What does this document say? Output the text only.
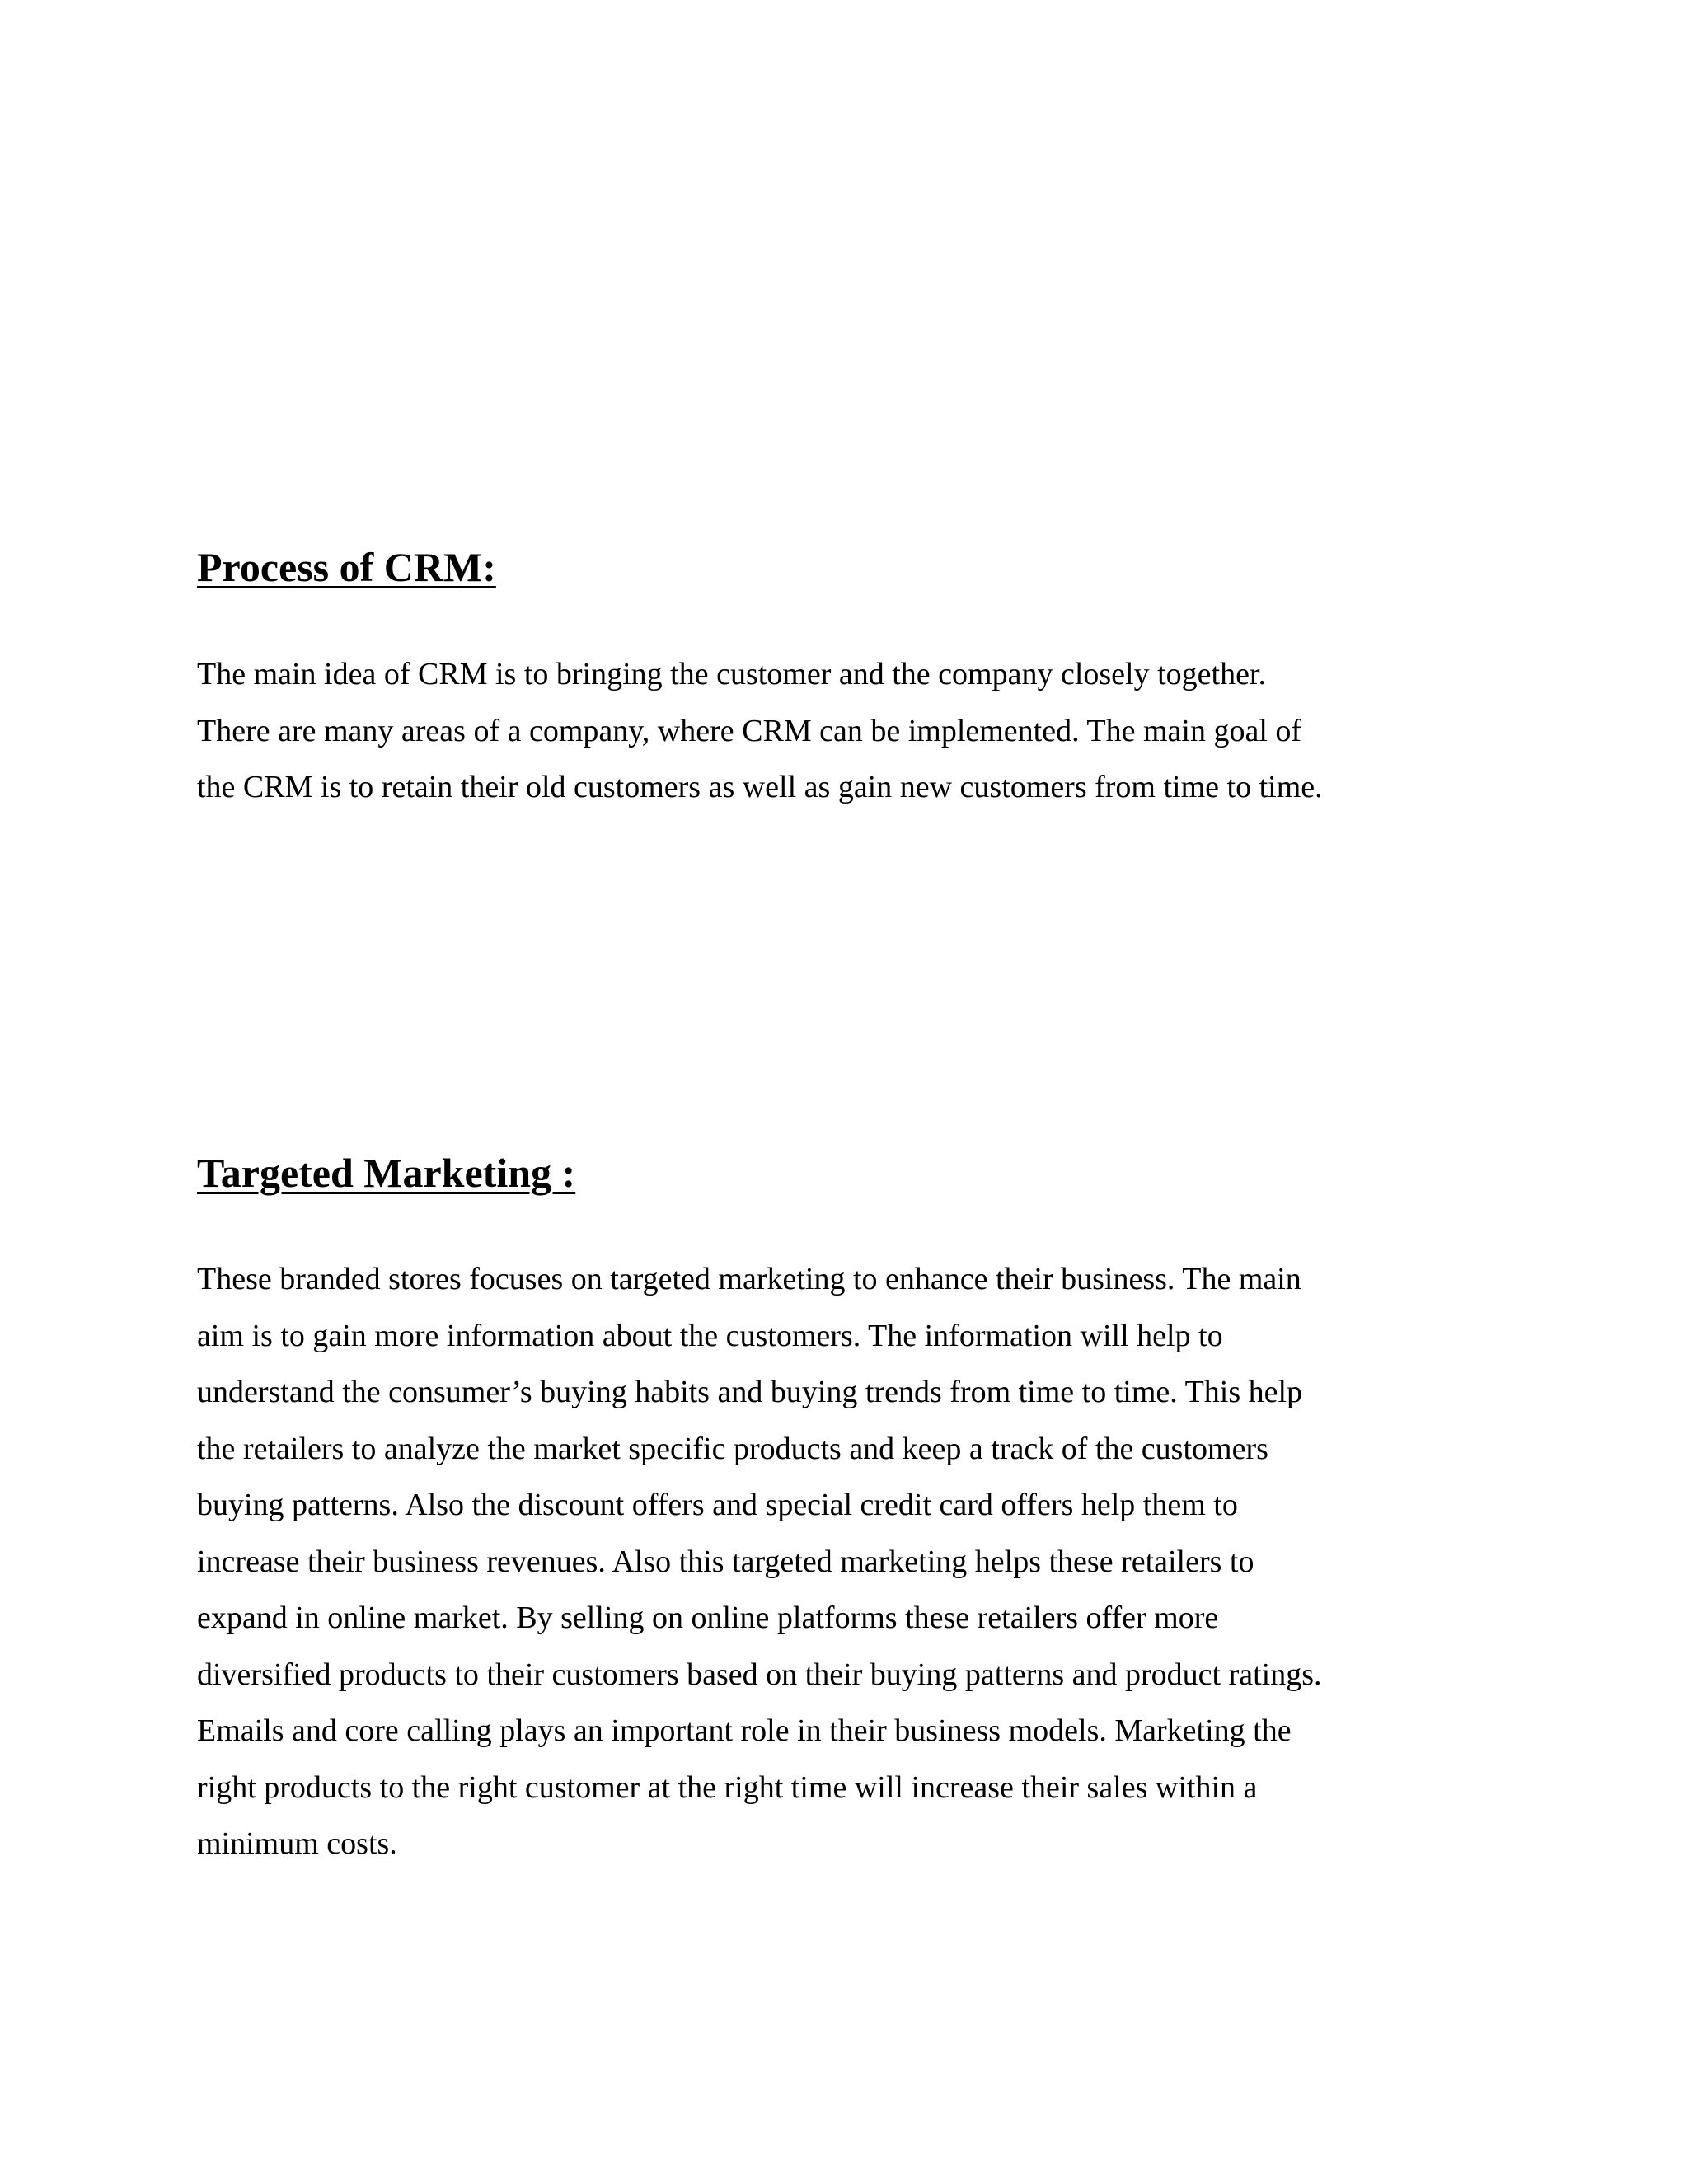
Process of CRM:
The main idea of CRM is to bringing the customer and the company closely together.
There are many areas of a company, where CRM can be implemented. The main goal of
the CRM is to retain their old customers as well as gain new customers from time to time.
Targeted Marketing :
These branded stores focuses on targeted marketing to enhance their business. The main
aim is to gain more information about the customers. The information will help to
understand the consumer’s buying habits and buying trends from time to time. This help
the retailers to analyze the market specific products and keep a track of the customers
buying patterns. Also the discount offers and special credit card offers help them to
increase their business revenues. Also this targeted marketing helps these retailers to
expand in online market. By selling on online platforms these retailers offer more
diversified products to their customers based on their buying patterns and product ratings.
Emails and core calling plays an important role in their business models. Marketing the
right products to the right customer at the right time will increase their sales within a
minimum costs.
